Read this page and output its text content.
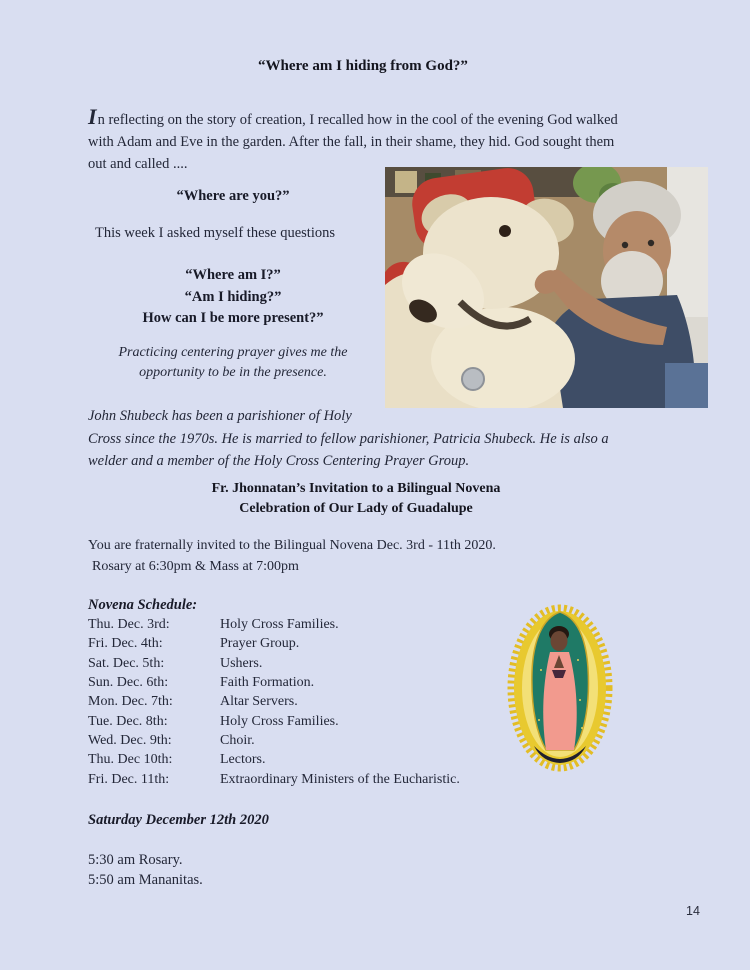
“Where am I hiding from God?”
In reflecting on the story of creation, I recalled how in the cool of the evening God walked
with Adam and Eve in the garden. After the fall, in their shame, they hid. God sought them
out and called ....
“Where are you?”
This week I asked myself these questions
“Where am I?”
“Am I hiding?”
How can I be more present?”
Practicing centering prayer gives me the
opportunity to be in the presence.
John Shubeck has been a parishioner of Holy
Cross since the 1970s. He is married to fellow parishioner, Patricia Shubeck. He is also a
welder and a member of the Holy Cross Centering Prayer Group.
Fr. Jhonnatan’s Invitation to a Bilingual Novena
Celebration of Our Lady of Guadalupe
You are fraternally invited to the Bilingual Novena Dec. 3rd - 11th 2020.
Rosary at 6:30pm & Mass at 7:00pm
Novena Schedule:
Thu. Dec. 3rd:	Holy Cross Families.
Fri. Dec. 4th:	Prayer Group.
Sat. Dec. 5th:	Ushers.
Sun. Dec. 6th:	Faith Formation.
Mon. Dec. 7th:	Altar Servers.
Tue. Dec. 8th:	Holy Cross Families.
Wed. Dec. 9th:	Choir.
Thu. Dec 10th:	Lectors.
Fri. Dec. 11th:	Extraordinary Ministers of the Eucharistic.
Saturday December 12th 2020
5:30 am Rosary.
5:50 am Mananitas.
14
